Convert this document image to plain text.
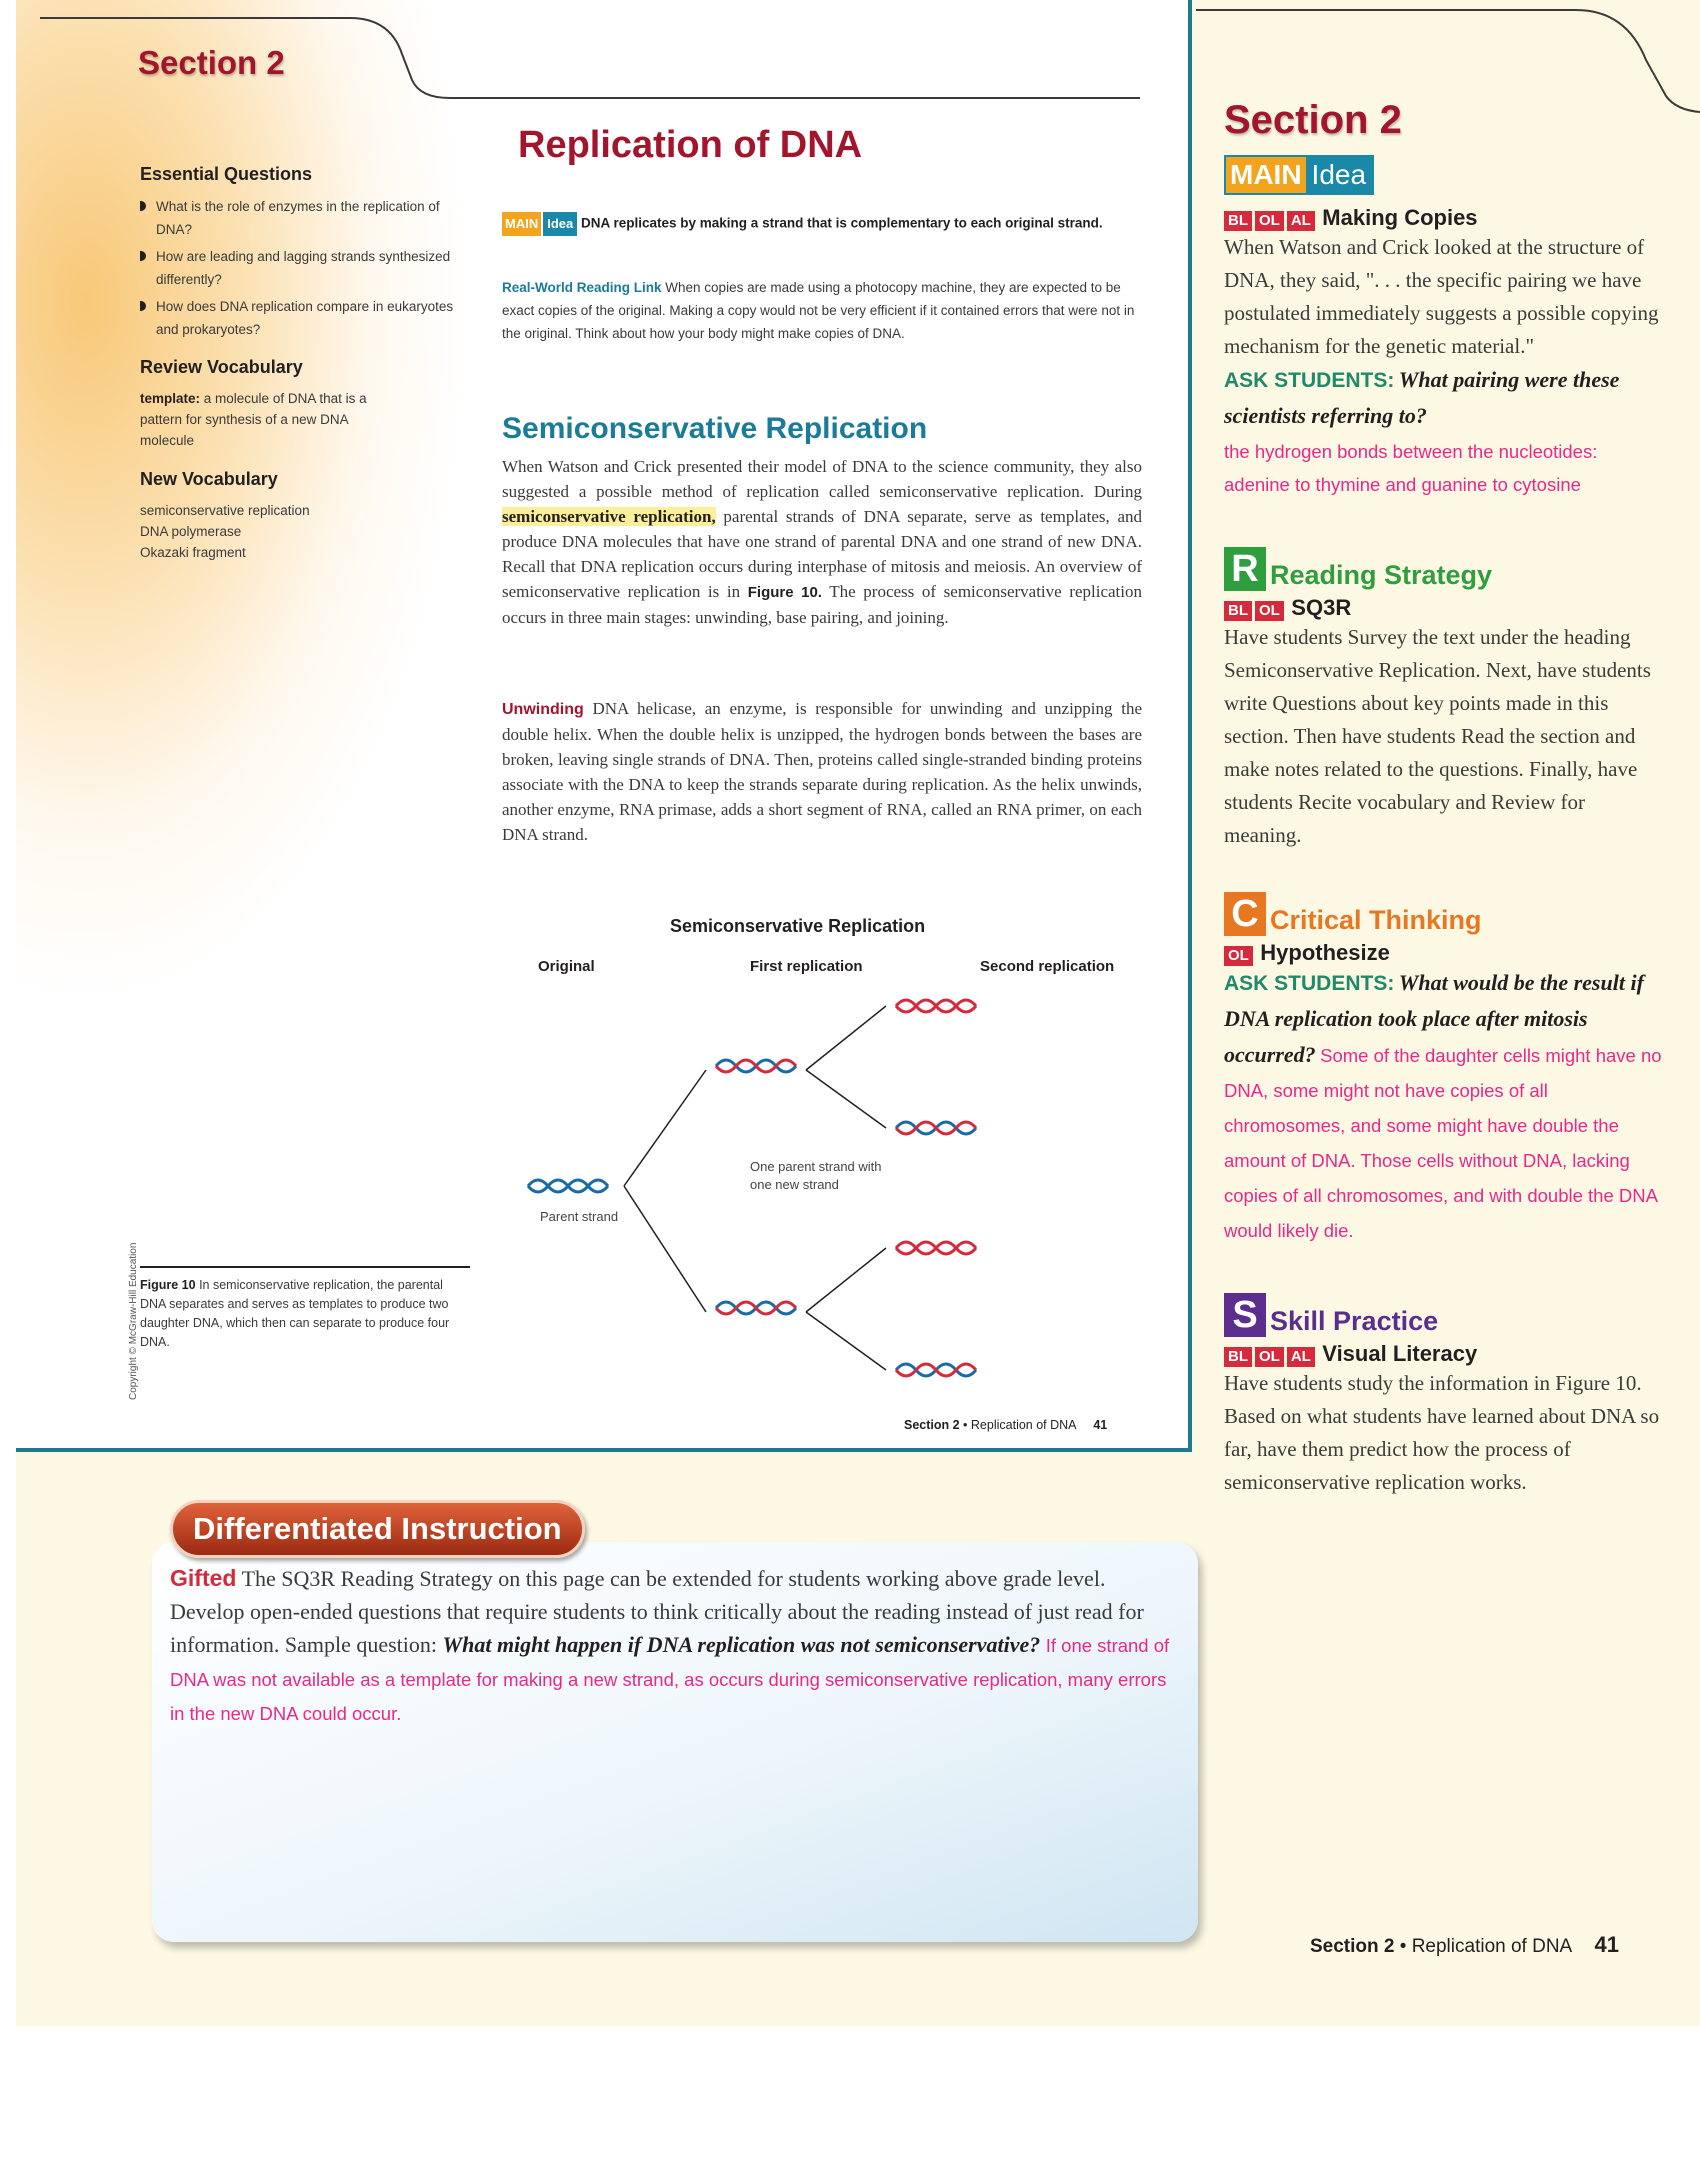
Section 2
Essential Questions
What is the role of enzymes in the replication of DNA?
How are leading and lagging strands synthesized differently?
How does DNA replication compare in eukaryotes and prokaryotes?
Review Vocabulary
template: a molecule of DNA that is a pattern for synthesis of a new DNA molecule
New Vocabulary
semiconservative replication
DNA polymerase
Okazaki fragment
Copyright © McGraw-Hill Education Figure 10 In semiconservative replication, the parental DNA separates and serves as templates to produce two daughter DNA, which then can separate to produce four DNA.
Replication of DNA
MAIN Idea DNA replicates by making a strand that is complementary to each original strand.
Real-World Reading Link When copies are made using a photocopy machine, they are expected to be exact copies of the original. Making a copy would not be very efficient if it contained errors that were not in the original. Think about how your body might make copies of DNA.
Semiconservative Replication
When Watson and Crick presented their model of DNA to the science community, they also suggested a possible method of replication called semiconservative replication. During semiconservative replication, parental strands of DNA separate, serve as templates, and produce DNA molecules that have one strand of parental DNA and one strand of new DNA. Recall that DNA replication occurs during interphase of mitosis and meiosis. An overview of semiconservative replication is in Figure 10. The process of semiconservative replication occurs in three main stages: unwinding, base pairing, and joining.
Unwinding DNA helicase, an enzyme, is responsible for unwinding and unzipping the double helix. When the double helix is unzipped, the hydrogen bonds between the bases are broken, leaving single strands of DNA. Then, proteins called single-stranded binding proteins associate with the DNA to keep the strands separate during replication. As the helix unwinds, another enzyme, RNA primase, adds a short segment of RNA, called an RNA primer, on each DNA strand.
Semiconservative Replication
Original	First replication	Second replication
Parent strand
One parent strand with one new strand
Section 2 • Replication of DNA 41
Section 2
MAIN Idea
BL OL AL Making Copies
When Watson and Crick looked at the structure of DNA, they said, ". . . the specific pairing we have postulated immediately suggests a possible copying mechanism for the genetic material."
ASK STUDENTS: What pairing were these scientists referring to?
the hydrogen bonds between the nucleotides: adenine to thymine and guanine to cytosine
R Reading Strategy
BL OL SQ3R
Have students Survey the text under the heading Semiconservative Replication. Next, have students write Questions about key points made in this section. Then have students Read the section and make notes related to the questions. Finally, have students Recite vocabulary and Review for meaning.
C Critical Thinking
OL Hypothesize
ASK STUDENTS: What would be the result if DNA replication took place after mitosis occurred? Some of the daughter cells might have no DNA, some might not have copies of all chromosomes, and some might have double the amount of DNA. Those cells without DNA, lacking copies of all chromosomes, and with double the DNA would likely die.
S Skill Practice
BL OL AL Visual Literacy
Have students study the information in Figure 10. Based on what students have learned about DNA so far, have them predict how the process of semiconservative replication works.
Section 2 • Replication of DNA 41
Gifted The SQ3R Reading Strategy on this page can be extended for students working above grade level. Develop open-ended questions that require students to think critically about the reading instead of just read for information. Sample question: What might happen if DNA replication was not semiconservative? If one strand of DNA was not available as a template for making a new strand, as occurs during semiconservative replication, many errors in the new DNA could occur.
Differentiated Instruction
